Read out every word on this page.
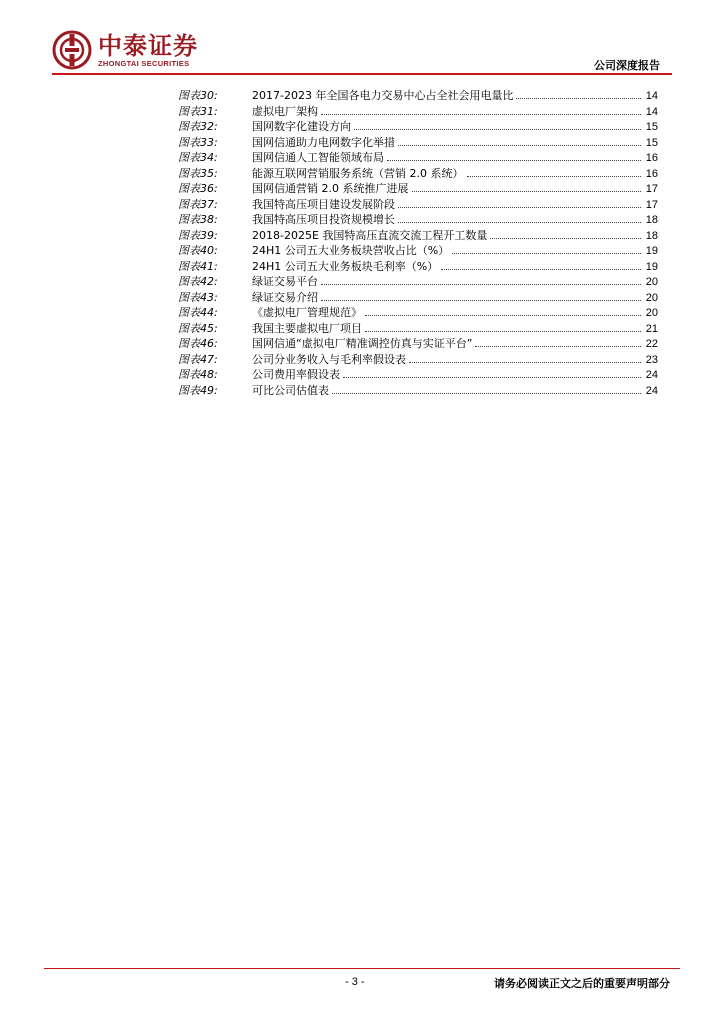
中泰证券
ZHONGTAI SECURITIES	公司深度报告
图表30:	2017-2023 年全国各电力交易中心占全社会用电量比	14
图表31:	虚拟电厂架构	14
图表32:	国网数字化建设方向	15
图表33:	国网信通助力电网数字化举措	15
图表34:	国网信通人工智能领域布局	16
图表35:	能源互联网营销服务系统（营销 2.0 系统）	16
图表36:	国网信通营销 2.0 系统推广进展	17
图表37:	我国特高压项目建设发展阶段	17
图表38:	我国特高压项目投资规模增长	18
图表39:	2018-2025E 我国特高压直流交流工程开工数量	18
图表40:	24H1 公司五大业务板块营收占比（%）	19
图表41:	24H1 公司五大业务板块毛利率（%）	19
图表42:	绿证交易平台	20
图表43:	绿证交易介绍	20
图表44:	《虚拟电厂管理规范》	20
图表45:	我国主要虚拟电厂项目	21
图表46:	国网信通“虚拟电厂精准调控仿真与实证平台”	22
图表47:	公司分业务收入与毛利率假设表	23
图表48:	公司费用率假设表	24
图表49:	可比公司估值表	24
- 3 -	请务必阅读正文之后的重要声明部分
